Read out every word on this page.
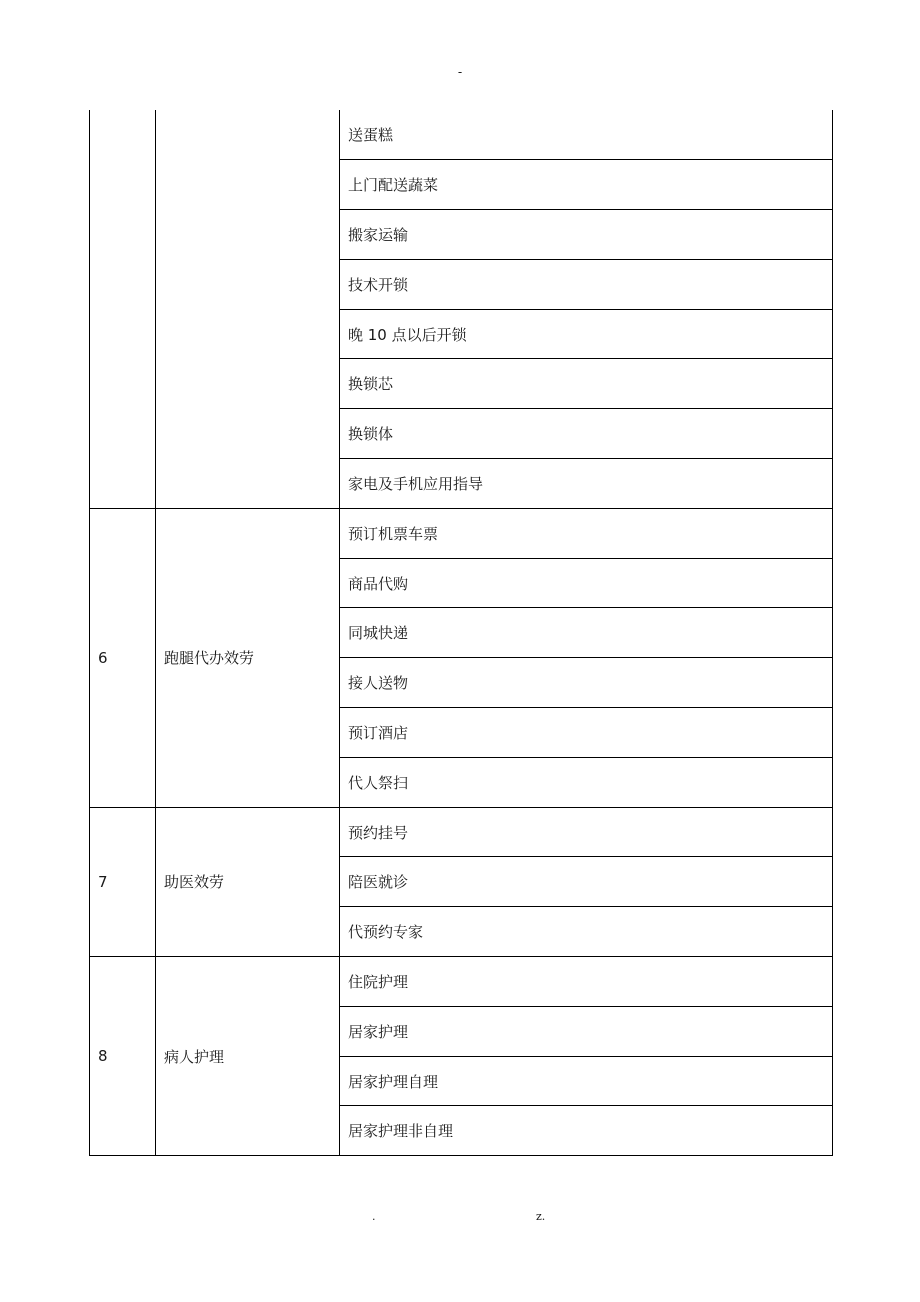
-
		送蛋糕
		上门配送蔬菜
		搬家运输
		技术开锁
		晚 10 点以后开锁
		换锁芯
		换锁体
		家电及手机应用指导
6	跑腿代办效劳	预订机票车票
		商品代购
		同城快递
		接人送物
		预订酒店
		代人祭扫
7	助医效劳	预约挂号
		陪医就诊
		代预约专家
8	病人护理	住院护理
		居家护理
		居家护理自理
		居家护理非自理
.	z.
